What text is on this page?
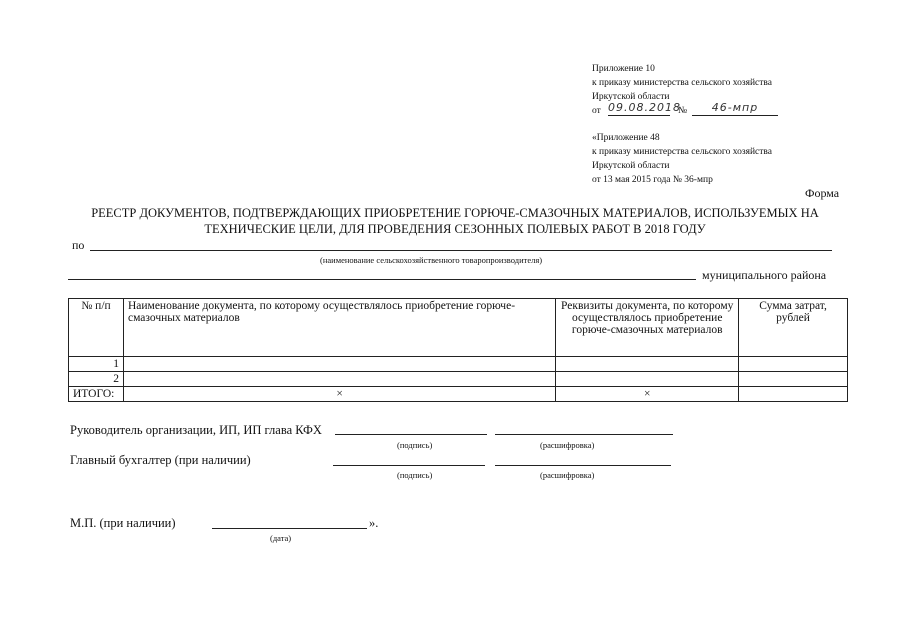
Приложение 10
к приказу министерства сельского хозяйства
Иркутской области
от 09.08.2018
№	46-мпр
«Приложение 48
к приказу министерства сельского хозяйства
Иркутской области
от 13 мая 2015 года № 36-мпр
Форма
РЕЕСТР ДОКУМЕНТОВ, ПОДТВЕРЖДАЮЩИХ ПРИОБРЕТЕНИЕ ГОРЮЧЕ-СМАЗОЧНЫХ МАТЕРИАЛОВ, ИСПОЛЬЗУЕМЫХ НА
ТЕХНИЧЕСКИЕ ЦЕЛИ, ДЛЯ ПРОВЕДЕНИЯ СЕЗОННЫХ ПОЛЕВЫХ РАБОТ В 2018 ГОДУ
по
(наименование сельскохозяйственного товаропроизводителя)
муниципального района
№ п/п	Наименование документа, по которому осуществлялось приобретение горюче-смазочных материалов	Реквизиты документа, по которому осуществлялось приобретение горюче-смазочных материалов	Сумма затрат, рублей
1			
2			
ИТОГО:	×	×	
Руководитель организации, ИП, ИП глава КФХ
(подпись)	(расшифровка)
Главный бухгалтер (при наличии)
(подпись)	(расшифровка)
М.П. (при наличии)	».
(дата)
